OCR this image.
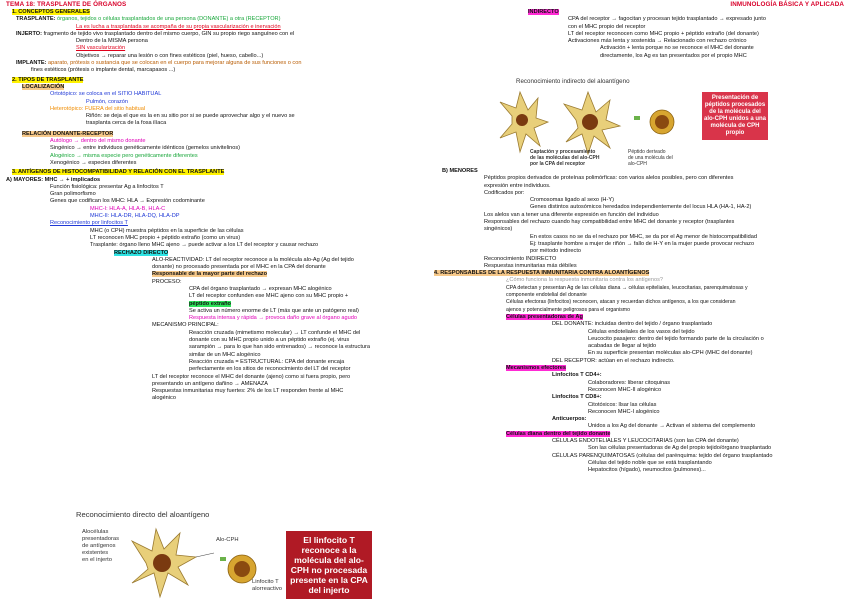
TEMA 18: TRASPLANTE DE ÓRGANOS
1. CONCEPTOS GENERALES
TRASPLANTE: órganos, tejidos o células trasplantados de una persona (DONANTE) a otra (RECEPTOR)
La es lucha a trasplantada se acompaña de su propia vascularización e inervación
INJERTO: fragmento de tejido vivo trasplantado dentro del mismo cuerpo, GIN su propio riego sanguíneo con el
Dentro de la MISMA persona
SIN vascularización
Objetivos → reparar una lesión o con fines estéticos (piel, hueso, cabello...)
IMPLANTE: aparato, prótesis o sustancia que se colocan en el cuerpo para mejorar alguna de sus funciones o con
fines estéticos (prótesis o implante dental, marcapasos ...)
2. TIPOS DE TRASPLANTE
LOCALIZACIÓN
Ortotópico: se coloca en el SITIO HABITUAL
Pulmón, corazón
Heterotópico: FUERA del sitio habitual
Riñón: se deja el que es la en su sitio por si se puede aprovechar algo y el nuevo se
trasplanta cerca de la fosa ilíaca
RELACIÓN DONANTE-RECEPTOR
Autólogo → dentro del mismo donante
Singénico → entre individuos genéticamente idénticos (gemelos univitelinos)
Alogénico → misma especie pero genéticamente diferentes
Xenogénico → especies diferentes
3. ANTÍGENOS DE HISTOCOMPATIBILIDAD Y RELACIÓN CON EL TRASPLANTE
A) MAYORES: MHC → + implicados
Función fisiológica: presentar Ag a linfocitos T
Gran polimorfismo
Genes que codifican los MHC: HLA → Expresión codominante
MHC-I: HLA-A, HLA-B, HLA-C
MHC-II: HLA-DR, HLA-DQ, HLA-DP
Reconocimiento por linfocitos T
MHC (o CPH) muestra péptidos en la superficie de las células
LT reconocen MHC propio + péptido extraño (como un virus)
Trasplante: órgano lleno MHC ajeno → puede activar a los LT del receptor y causar rechazo
RECHAZO DIRECTO
ALO-REACTIVIDAD: LT del receptor reconoce a la molécula alo-Ag (Ag del tejido
donante) no procesado presentada por el MHC en la CPA del donante
Responsable de la mayor parte del rechazo
PROCESO:
CPA del órgano trasplantado → expresan MHC alogénico
LT del receptor confunden ese MHC ajeno con su MHC propio +
péptido extraño
Se activa un número enorme de LT (más que ante un patógeno real)
Respuesta intensa y rápida → provoca daño grave al órgano agudo
MECANISMO PRINCIPAL:
Reacción cruzada (mimetismo molecular) → LT confunde el MHC del
donante con su MHC propio unido a un péptido extraño (ej. virus
sarampión → para lo que han sido entrenados) → reconoce la estructura
similar de un MHC alogénico
Reacción cruzada = ESTRUCTURAL: CPA del donante encaja
perfectamente en los sitios de reconocimiento del LT del receptor
LT del receptor reconoce el MHC del donante (ajeno) como si fuera propio, pero
presentando un antígeno dañino → AMENAZA
Respuestas inmunitarias muy fuertes: 2% de los LT responden frente al MHC
alogénico
Reconocimiento directo del aloantígeno
Alocélulas
presentadoras
de antígenos
existentes
en el injerto
Alo-CPH
Linfocito T
alorreactivo
El linfocito T reconoce a la molécula del alo-CPH no procesada presente en la CPA del injerto
INMUNOLOGÍA BÁSICA Y APLICADA
INDIRECTO
CPA del receptor → fagocitan y procesan tejido trasplantado → expresado junto
con el MHC propio del receptor
LT del receptor reconocen como MHC propio + péptido extraño (del donante)
Activaciones más lenta y sostenida → Relacionado con rechazo crónico
Activación + lenta porque no se reconoce el MHC del donante
directamente, los Ag es tan presentados por el propio MHC
Reconocimiento indirecto del aloantígeno
Presentación de péptidos procesados de la molécula del alo-CPH unidos a una molécula de CPH propio
Captación y procesamiento
de las moléculas del alo-CPH
por la CPA del receptor
Péptido derivado
de una molécula del
alo-CPH
B) MENORES
Péptidos propios derivados de proteínas polimórficas: con varios alelos posibles, pero con diferentes
expresión entre individuos.
Codificados por:
Cromosomas ligado al sexo (H-Y)
Genes distintos autosómicos heredados independientemente del locus HLA (HA-1, HA-2)
Los alelos van a tener una diferente expresión en función del individuo
Responsables del rechazo cuando hay compatibilidad entre MHC del donante y receptor (trasplantes
singénicos)
En estos casos no se da el rechazo por MHC, se da por el Ag menor de histocompatibilidad
Ej: trasplante hombre a mujer de riñón → fallo de H-Y en la mujer puede provocar rechazo
por método indirecto
Reconocimiento INDIRECTO
Respuestas inmunitarias más débiles
4. RESPONSABLES DE LA RESPUESTA INMUNITARIA CONTRA ALOANTÍGENOS
¿Cómo funciona la respuesta inmunitaria contra los antígenos?
CPA detectan y presentan Ag de las células diana → células epiteliales, leucocitarias, parenquimatosas y
componente endotelial del donante
Células efectoras (linfocitos) reconocen, atacan y recuerdan dichos antígenos, a los que consideran
ajenos y potencialmente peligrosos para el organismo
Células presentadoras de Ag
DEL DONANTE: incluidas dentro del tejido / órgano trasplantado
Células endoteliales de los vasos del tejido
Leucocito pasajero: dentro del tejido formando parte de la circulación o
acabadas de llegar al tejido
En su superficie presentan moléculas alo-CPH (MHC del donante)
DEL RECEPTOR: actúan en el rechazo indirecto.
Mecanismos efectores
Linfocitos T CD4+:
Colaboradores: liberar citoquinas
Reconocen MHC-II alogénico
Linfocitos T CD8+:
Citotóxicos: llsar las células
Reconocen MHC-I alogénico
Anticuerpos:
Unidos a los Ag del donante → Activan el sistema del complemento
Células diana dentro del tejido donante
CÉLULAS ENDOTELIALES Y LEUCOCITARIAS (son las CPA del donante)
Son las células presentadoras de Ag del propio tejido/órgano trasplantado
CÉLULAS PARENQUIMATOSAS (células del parénquima: tejido del órgano trasplantado
Células del tejido noble que se está trasplantando
Hepatocitos (hígado), neumocitos (pulmones)...
